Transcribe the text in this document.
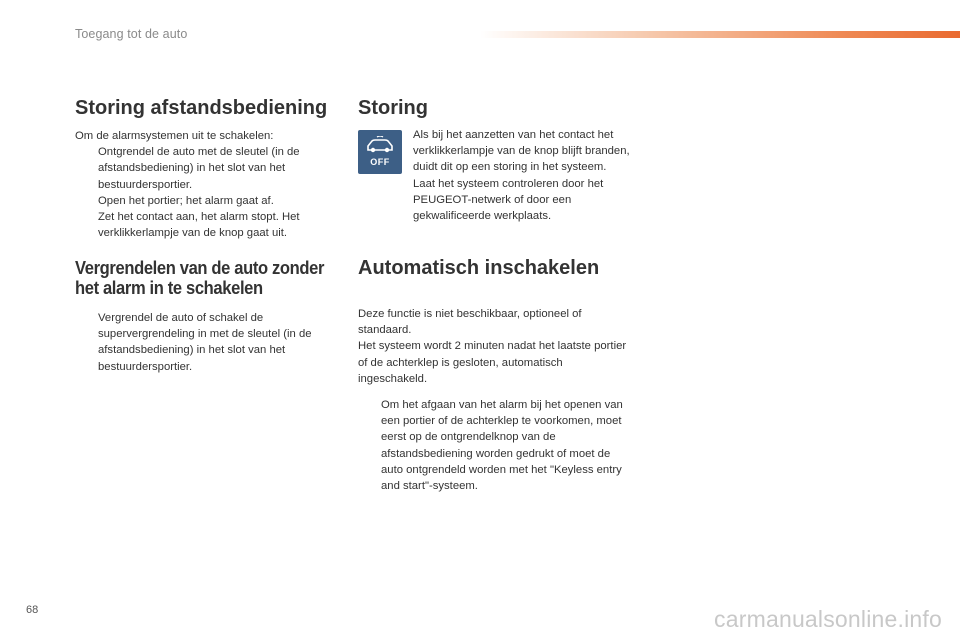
Toegang tot de auto
Storing afstandsbediening

Om de alarmsystemen uit te schakelen:

Ontgrendel de auto met de sleutel (in de afstandsbediening) in het slot van het bestuurdersportier.
Open het portier; het alarm gaat af.
Zet het contact aan, het alarm stopt. Het verklikkerlampje van de knop gaat uit.
Vergrendelen van de auto zonder
het alarm in te schakelen
Vergrendel de auto of schakel de supervergrendeling in met de sleutel (in de afstandsbediening) in het slot van het bestuurdersportier.
Storing
OFF

Als bij het aanzetten van het contact het verklikkerlampje van de knop blijft branden, duidt dit op een storing in het systeem.

Laat het systeem controleren door het PEUGEOT-netwerk of door een gekwalificeerde werkplaats.

Automatisch inschakelen

Deze functie is niet beschikbaar, optioneel of standaard.

Het systeem wordt 2 minuten nadat het laatste portier of de achterklep is gesloten, automatisch ingeschakeld.

Om het afgaan van het alarm bij het openen van een portier of de achterklep te voorkomen, moet eerst op de ontgrendelknop van de afstandsbediening worden gedrukt of moet de auto ontgrendeld worden met het "Keyless entry and start"-systeem.
68	carmanualsonline.info
